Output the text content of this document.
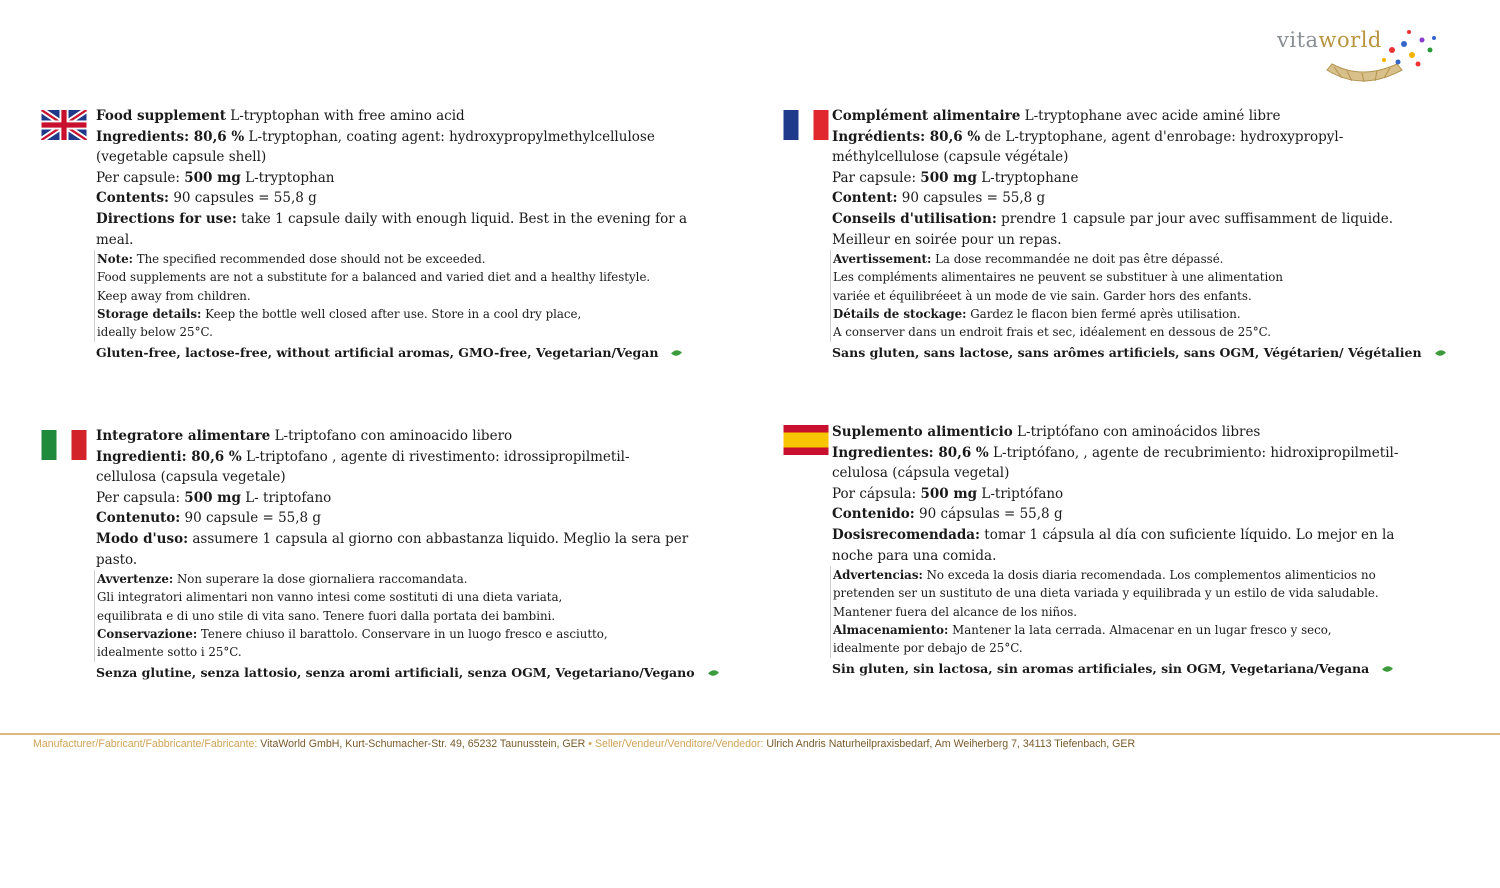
vitaworld
Food supplement L-tryptophan with free amino acid
Ingredients: 80,6 % L-tryptophan, coating agent: hydroxypropylmethylcellulose
(vegetable capsule shell)
Per capsule: 500 mg L-tryptophan
Contents: 90 capsules = 55,8 g
Directions for use: take 1 capsule daily with enough liquid. Best in the evening for a
meal.
Note: The specified recommended dose should not be exceeded.
Food supplements are not a substitute for a balanced and varied diet and a healthy lifestyle.
Keep away from children.
Storage details: Keep the bottle well closed after use. Store in a cool dry place,
ideally below 25°C.
Gluten-free, lactose-free, without artificial aromas, GMO-free, Vegetarian/Vegan
Complément alimentaire L-tryptophane avec acide aminé libre
Ingrédients: 80,6 % de L-tryptophane, agent d'enrobage: hydroxypropyl-
méthylcellulose (capsule végétale)
Par capsule: 500 mg L-tryptophane
Content: 90 capsules = 55,8 g
Conseils d'utilisation: prendre 1 capsule par jour avec suffisamment de liquide.
Meilleur en soirée pour un repas.
Avertissement: La dose recommandée ne doit pas être dépassé.
Les compléments alimentaires ne peuvent se substituer à une alimentation
variée et équilibréeet à un mode de vie sain. Garder hors des enfants.
Détails de stockage: Gardez le flacon bien fermé après utilisation.
A conserver dans un endroit frais et sec, idéalement en dessous de 25°C.
Sans gluten, sans lactose, sans arômes artificiels, sans OGM, Végétarien/ Végétalien
Integratore alimentare L-triptofano con aminoacido libero
Ingredienti: 80,6 % L-triptofano , agente di rivestimento: idrossipropilmetil-
cellulosa (capsula vegetale)
Per capsula: 500 mg L- triptofano
Contenuto: 90 capsule = 55,8 g
Modo d'uso: assumere 1 capsula al giorno con abbastanza liquido. Meglio la sera per
pasto.
Avvertenze: Non superare la dose giornaliera raccomandata.
Gli integratori alimentari non vanno intesi come sostituti di una dieta variata,
equilibrata e di uno stile di vita sano. Tenere fuori dalla portata dei bambini.
Conservazione: Tenere chiuso il barattolo. Conservare in un luogo fresco e asciutto,
idealmente sotto i 25°C.
Senza glutine, senza lattosio, senza aromi artificiali, senza OGM, Vegetariano/Vegano
Suplemento alimenticio L-triptófano con aminoácidos libres
Ingredientes: 80,6 % L-triptófano, , agente de recubrimiento: hidroxipropilmetil-
celulosa (cápsula vegetal)
Por cápsula: 500 mg L-triptófano
Contenido: 90 cápsulas = 55,8 g
Dosisrecomendada: tomar 1 cápsula al día con suficiente líquido. Lo mejor en la
noche para una comida.
Advertencias: No exceda la dosis diaria recomendada. Los complementos alimenticios no
pretenden ser un sustituto de una dieta variada y equilibrada y un estilo de vida saludable.
Mantener fuera del alcance de los niños.
Almacenamiento: Mantener la lata cerrada. Almacenar en un lugar fresco y seco,
idealmente por debajo de 25°C.
Sin gluten, sin lactosa, sin aromas artificiales, sin OGM, Vegetariana/Vegana
Manufacturer/Fabricant/Fabbricante/Fabricante: VitaWorld GmbH, Kurt-Schumacher-Str. 49, 65232 Taunusstein, GER • Seller/Vendeur/Venditore/Vendedor: Ulrich Andris Naturheilpraxisbedarf, Am Weiherberg 7, 34113 Tiefenbach, GER
